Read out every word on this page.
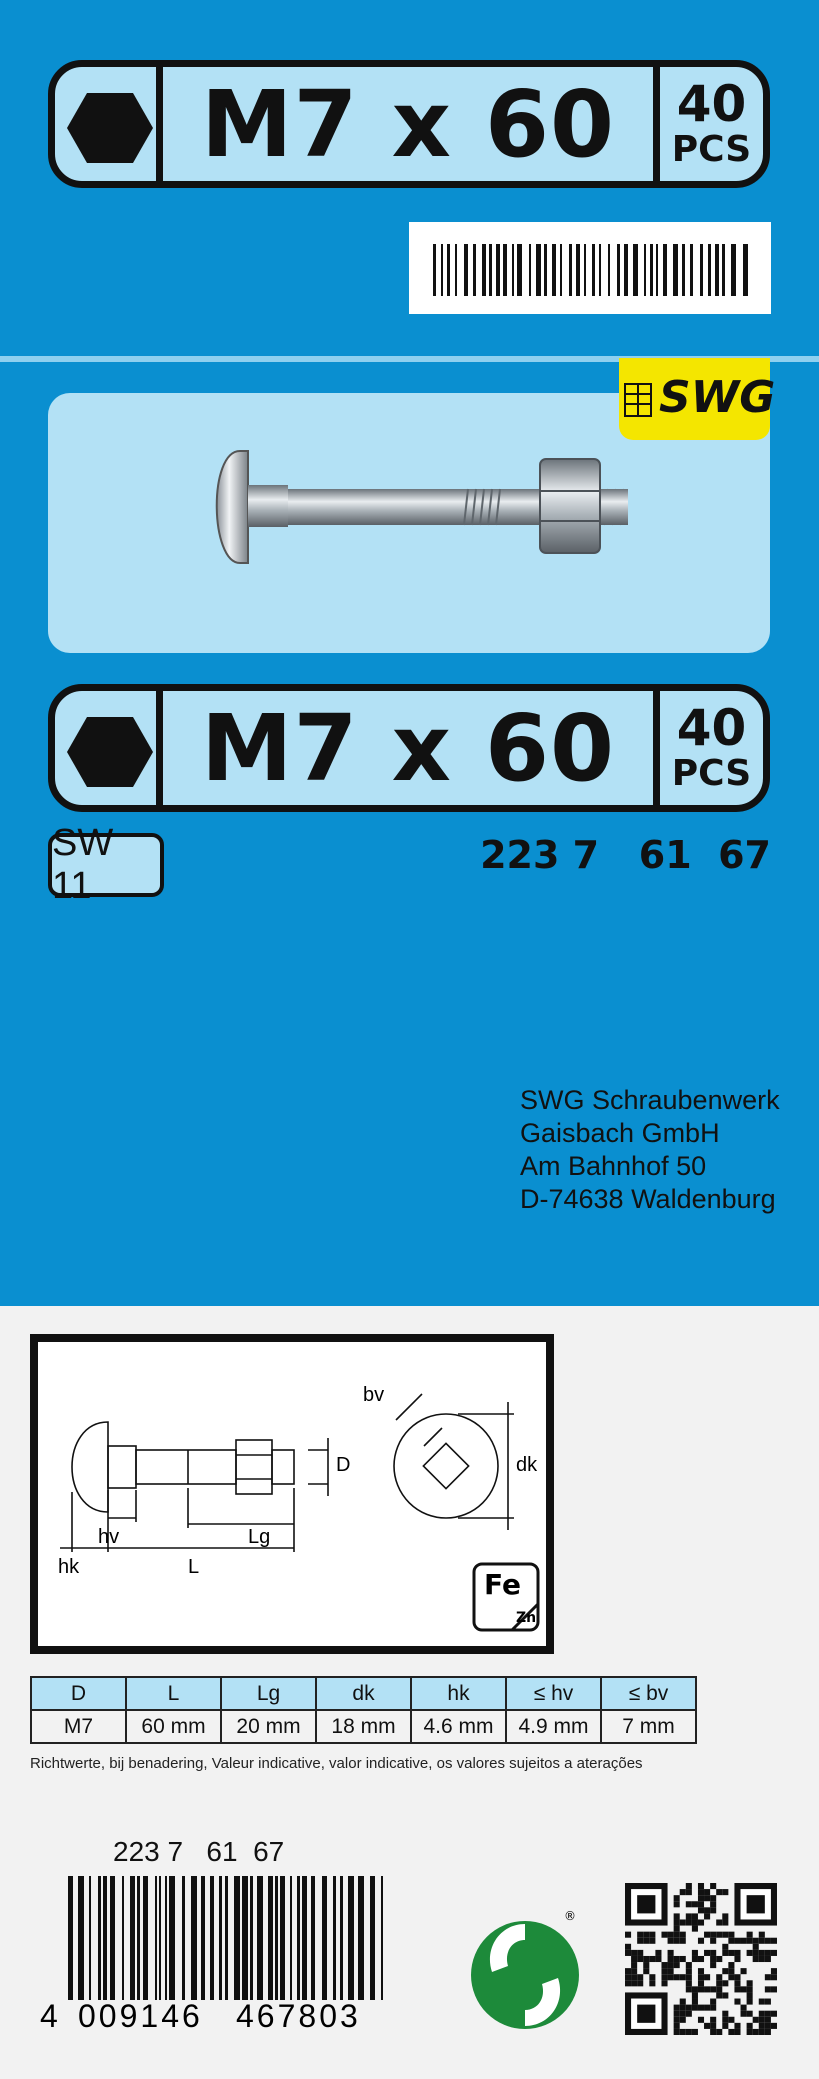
M7 x 60	40
PCS
SWG
M7 x 60	40
PCS
SW 11
223 7   61  67
SWG Schraubenwerk
Gaisbach GmbH
Am Bahnhof 50
D-74638 Waldenburg
bv
dk
D
hv	Lg
hk	L
Fe
Zn
D	L	Lg	dk	hk	≤ hv	≤ bv
M7	60 mm	20 mm	18 mm	4.6 mm	4.9 mm	7 mm
Richtwerte, bij benadering, Valeur indicative, valor indicative, os valores sujeitos a aterações
223 7   61  67
4 009146 467803
®
